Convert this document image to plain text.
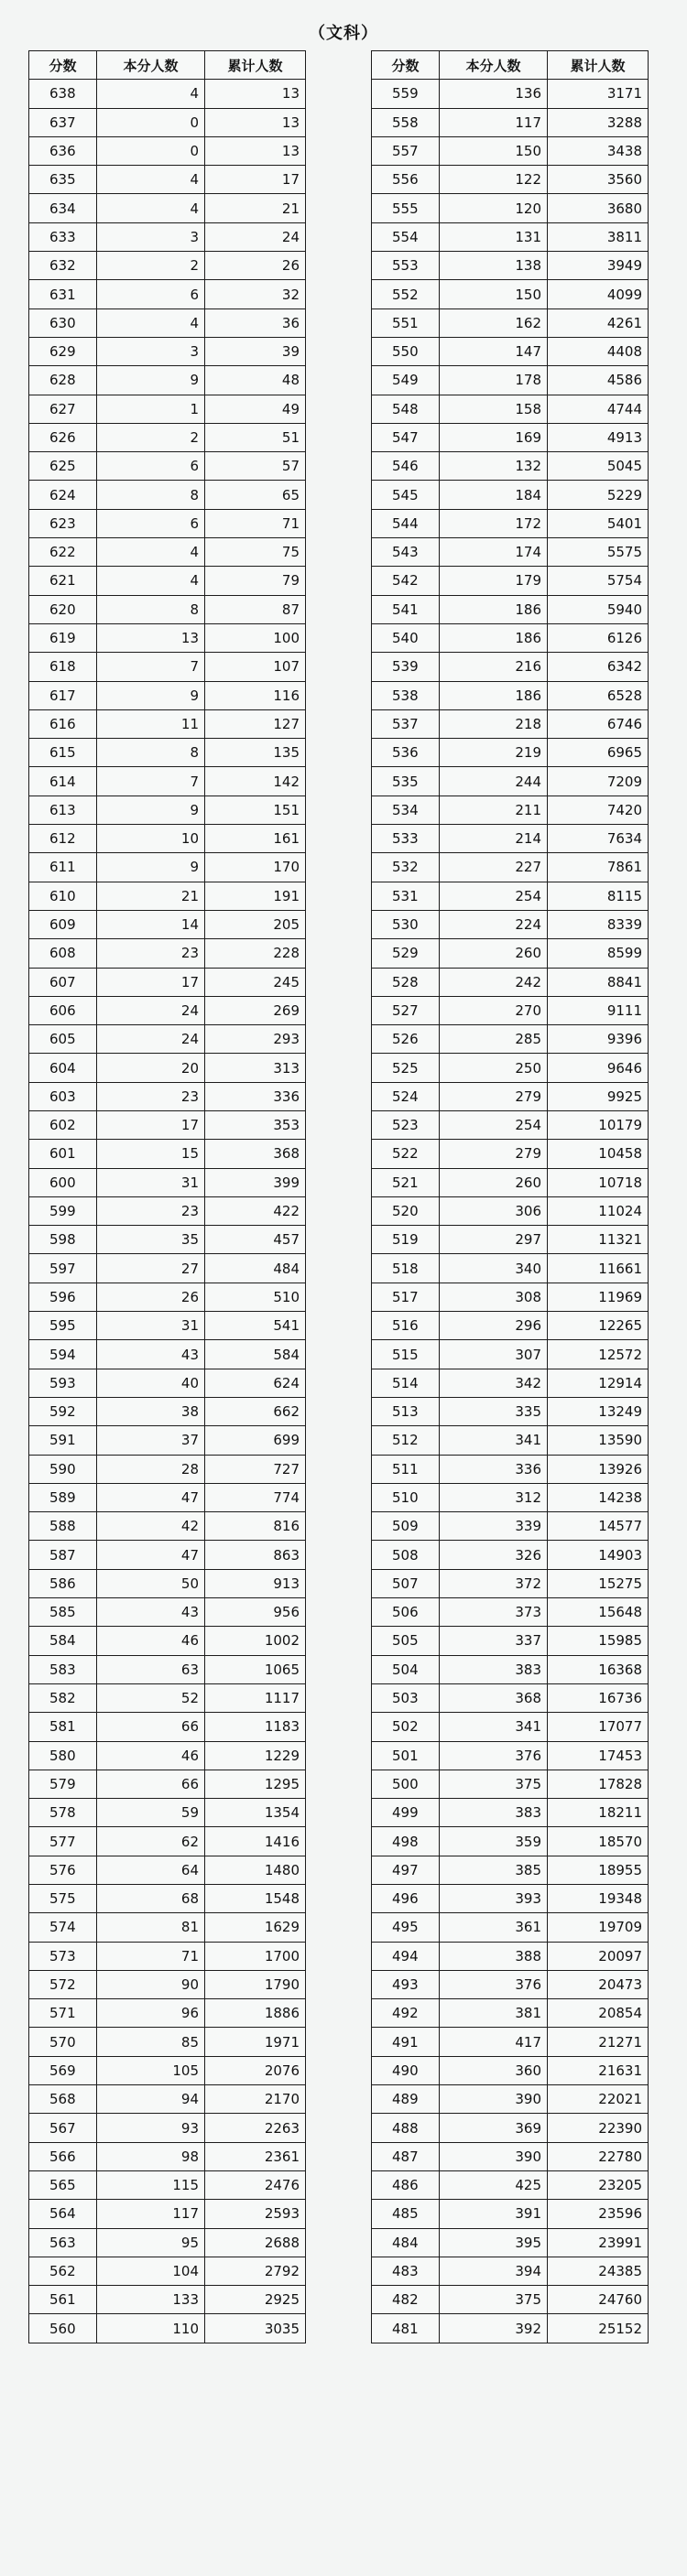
（文科）
分数	本分人数	累计人数
638	4	13
637	0	13
636	0	13
635	4	17
634	4	21
633	3	24
632	2	26
631	6	32
630	4	36
629	3	39
628	9	48
627	1	49
626	2	51
625	6	57
624	8	65
623	6	71
622	4	75
621	4	79
620	8	87
619	13	100
618	7	107
617	9	116
616	11	127
615	8	135
614	7	142
613	9	151
612	10	161
611	9	170
610	21	191
609	14	205
608	23	228
607	17	245
606	24	269
605	24	293
604	20	313
603	23	336
602	17	353
601	15	368
600	31	399
599	23	422
598	35	457
597	27	484
596	26	510
595	31	541
594	43	584
593	40	624
592	38	662
591	37	699
590	28	727
589	47	774
588	42	816
587	47	863
586	50	913
585	43	956
584	46	1002
583	63	1065
582	52	1117
581	66	1183
580	46	1229
579	66	1295
578	59	1354
577	62	1416
576	64	1480
575	68	1548
574	81	1629
573	71	1700
572	90	1790
571	96	1886
570	85	1971
569	105	2076
568	94	2170
567	93	2263
566	98	2361
565	115	2476
564	117	2593
563	95	2688
562	104	2792
561	133	2925
560	110	3035
分数	本分人数	累计人数
559	136	3171
558	117	3288
557	150	3438
556	122	3560
555	120	3680
554	131	3811
553	138	3949
552	150	4099
551	162	4261
550	147	4408
549	178	4586
548	158	4744
547	169	4913
546	132	5045
545	184	5229
544	172	5401
543	174	5575
542	179	5754
541	186	5940
540	186	6126
539	216	6342
538	186	6528
537	218	6746
536	219	6965
535	244	7209
534	211	7420
533	214	7634
532	227	7861
531	254	8115
530	224	8339
529	260	8599
528	242	8841
527	270	9111
526	285	9396
525	250	9646
524	279	9925
523	254	10179
522	279	10458
521	260	10718
520	306	11024
519	297	11321
518	340	11661
517	308	11969
516	296	12265
515	307	12572
514	342	12914
513	335	13249
512	341	13590
511	336	13926
510	312	14238
509	339	14577
508	326	14903
507	372	15275
506	373	15648
505	337	15985
504	383	16368
503	368	16736
502	341	17077
501	376	17453
500	375	17828
499	383	18211
498	359	18570
497	385	18955
496	393	19348
495	361	19709
494	388	20097
493	376	20473
492	381	20854
491	417	21271
490	360	21631
489	390	22021
488	369	22390
487	390	22780
486	425	23205
485	391	23596
484	395	23991
483	394	24385
482	375	24760
481	392	25152
